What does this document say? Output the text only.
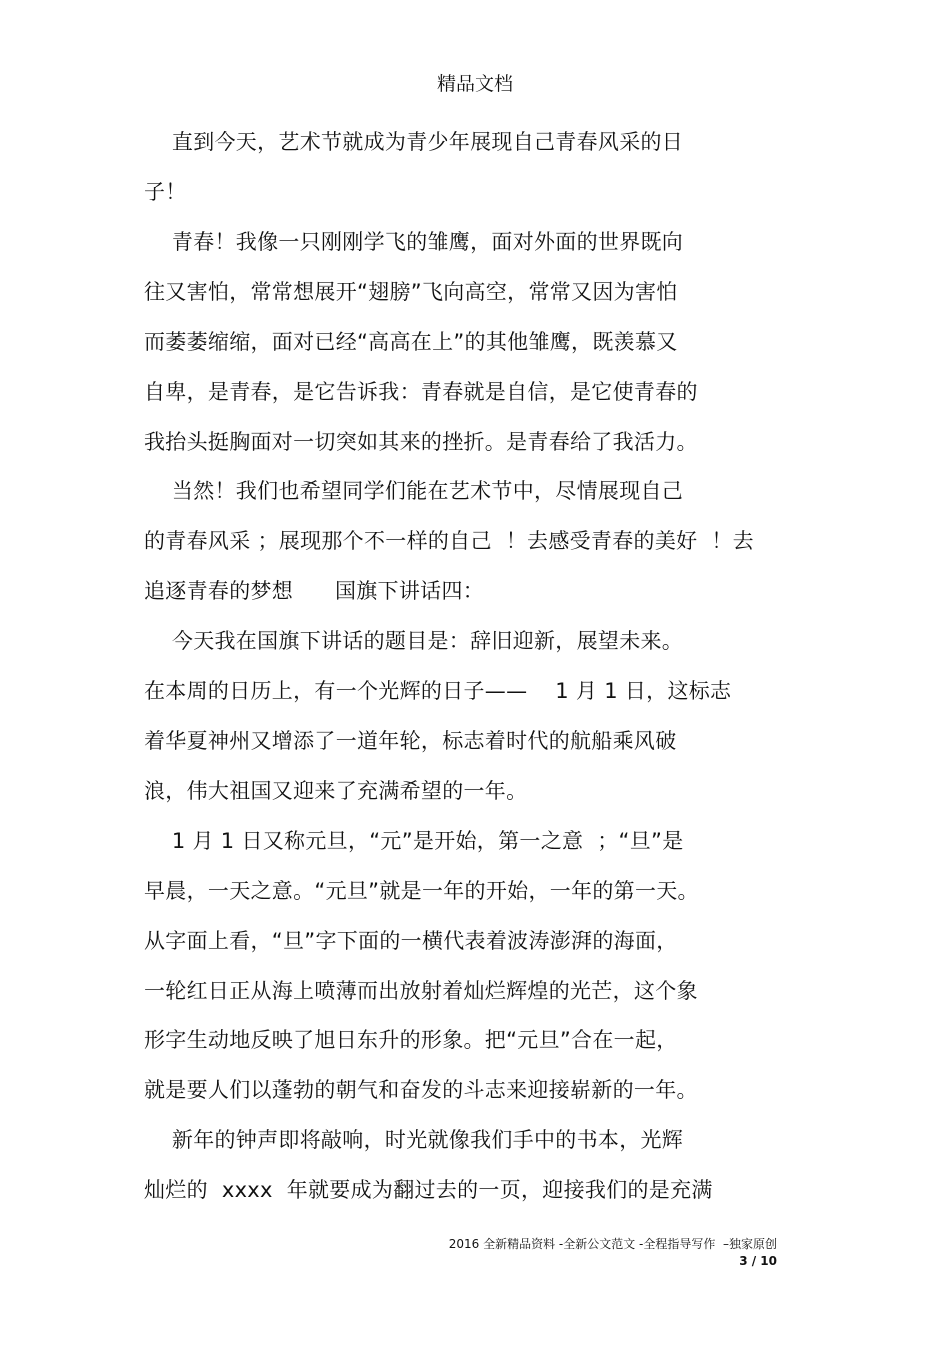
精品文档
直到今天，艺术节就成为青少年展现自己青春风采的日
子！
青春！我像一只刚刚学飞的雏鹰，面对外面的世界既向
往又害怕，常常想展开“翅膀”飞向高空，常常又因为害怕
而萎萎缩缩，面对已经“高高在上”的其他雏鹰，既羡慕又
自卑，是青春，是它告诉我：青春就是自信，是它使青春的
我抬头挺胸面对一切突如其来的挫折。是青春给了我活力。
当然！我们也希望同学们能在艺术节中，尽情展现自己
的青春风采 ；展现那个不一样的自己  ！去感受青春的美好  ！去
追逐青春的梦想      国旗下讲话四：
今天我在国旗下讲话的题目是：辞旧迎新，展望未来。
在本周的日历上，有一个光辉的日子——    1 月 1 日，这标志
着华夏神州又增添了一道年轮，标志着时代的航船乘风破
浪，伟大祖国又迎来了充满希望的一年。
1 月 1 日又称元旦，“元”是开始，第一之意  ；“旦”是
早晨，一天之意。“元旦”就是一年的开始，一年的第一天。
从字面上看，“旦”字下面的一横代表着波涛澎湃的海面，
一轮红日正从海上喷薄而出放射着灿烂辉煌的光芒，这个象
形字生动地反映了旭日东升的形象。把“元旦”合在一起，
就是要人们以蓬勃的朝气和奋发的斗志来迎接崭新的一年。
新年的钟声即将敲响，时光就像我们手中的书本，光辉
灿烂的  xxxx  年就要成为翻过去的一页，迎接我们的是充满
2016 全新精品资料 -全新公文范文 -全程指导写作  –独家原创
3 / 10
